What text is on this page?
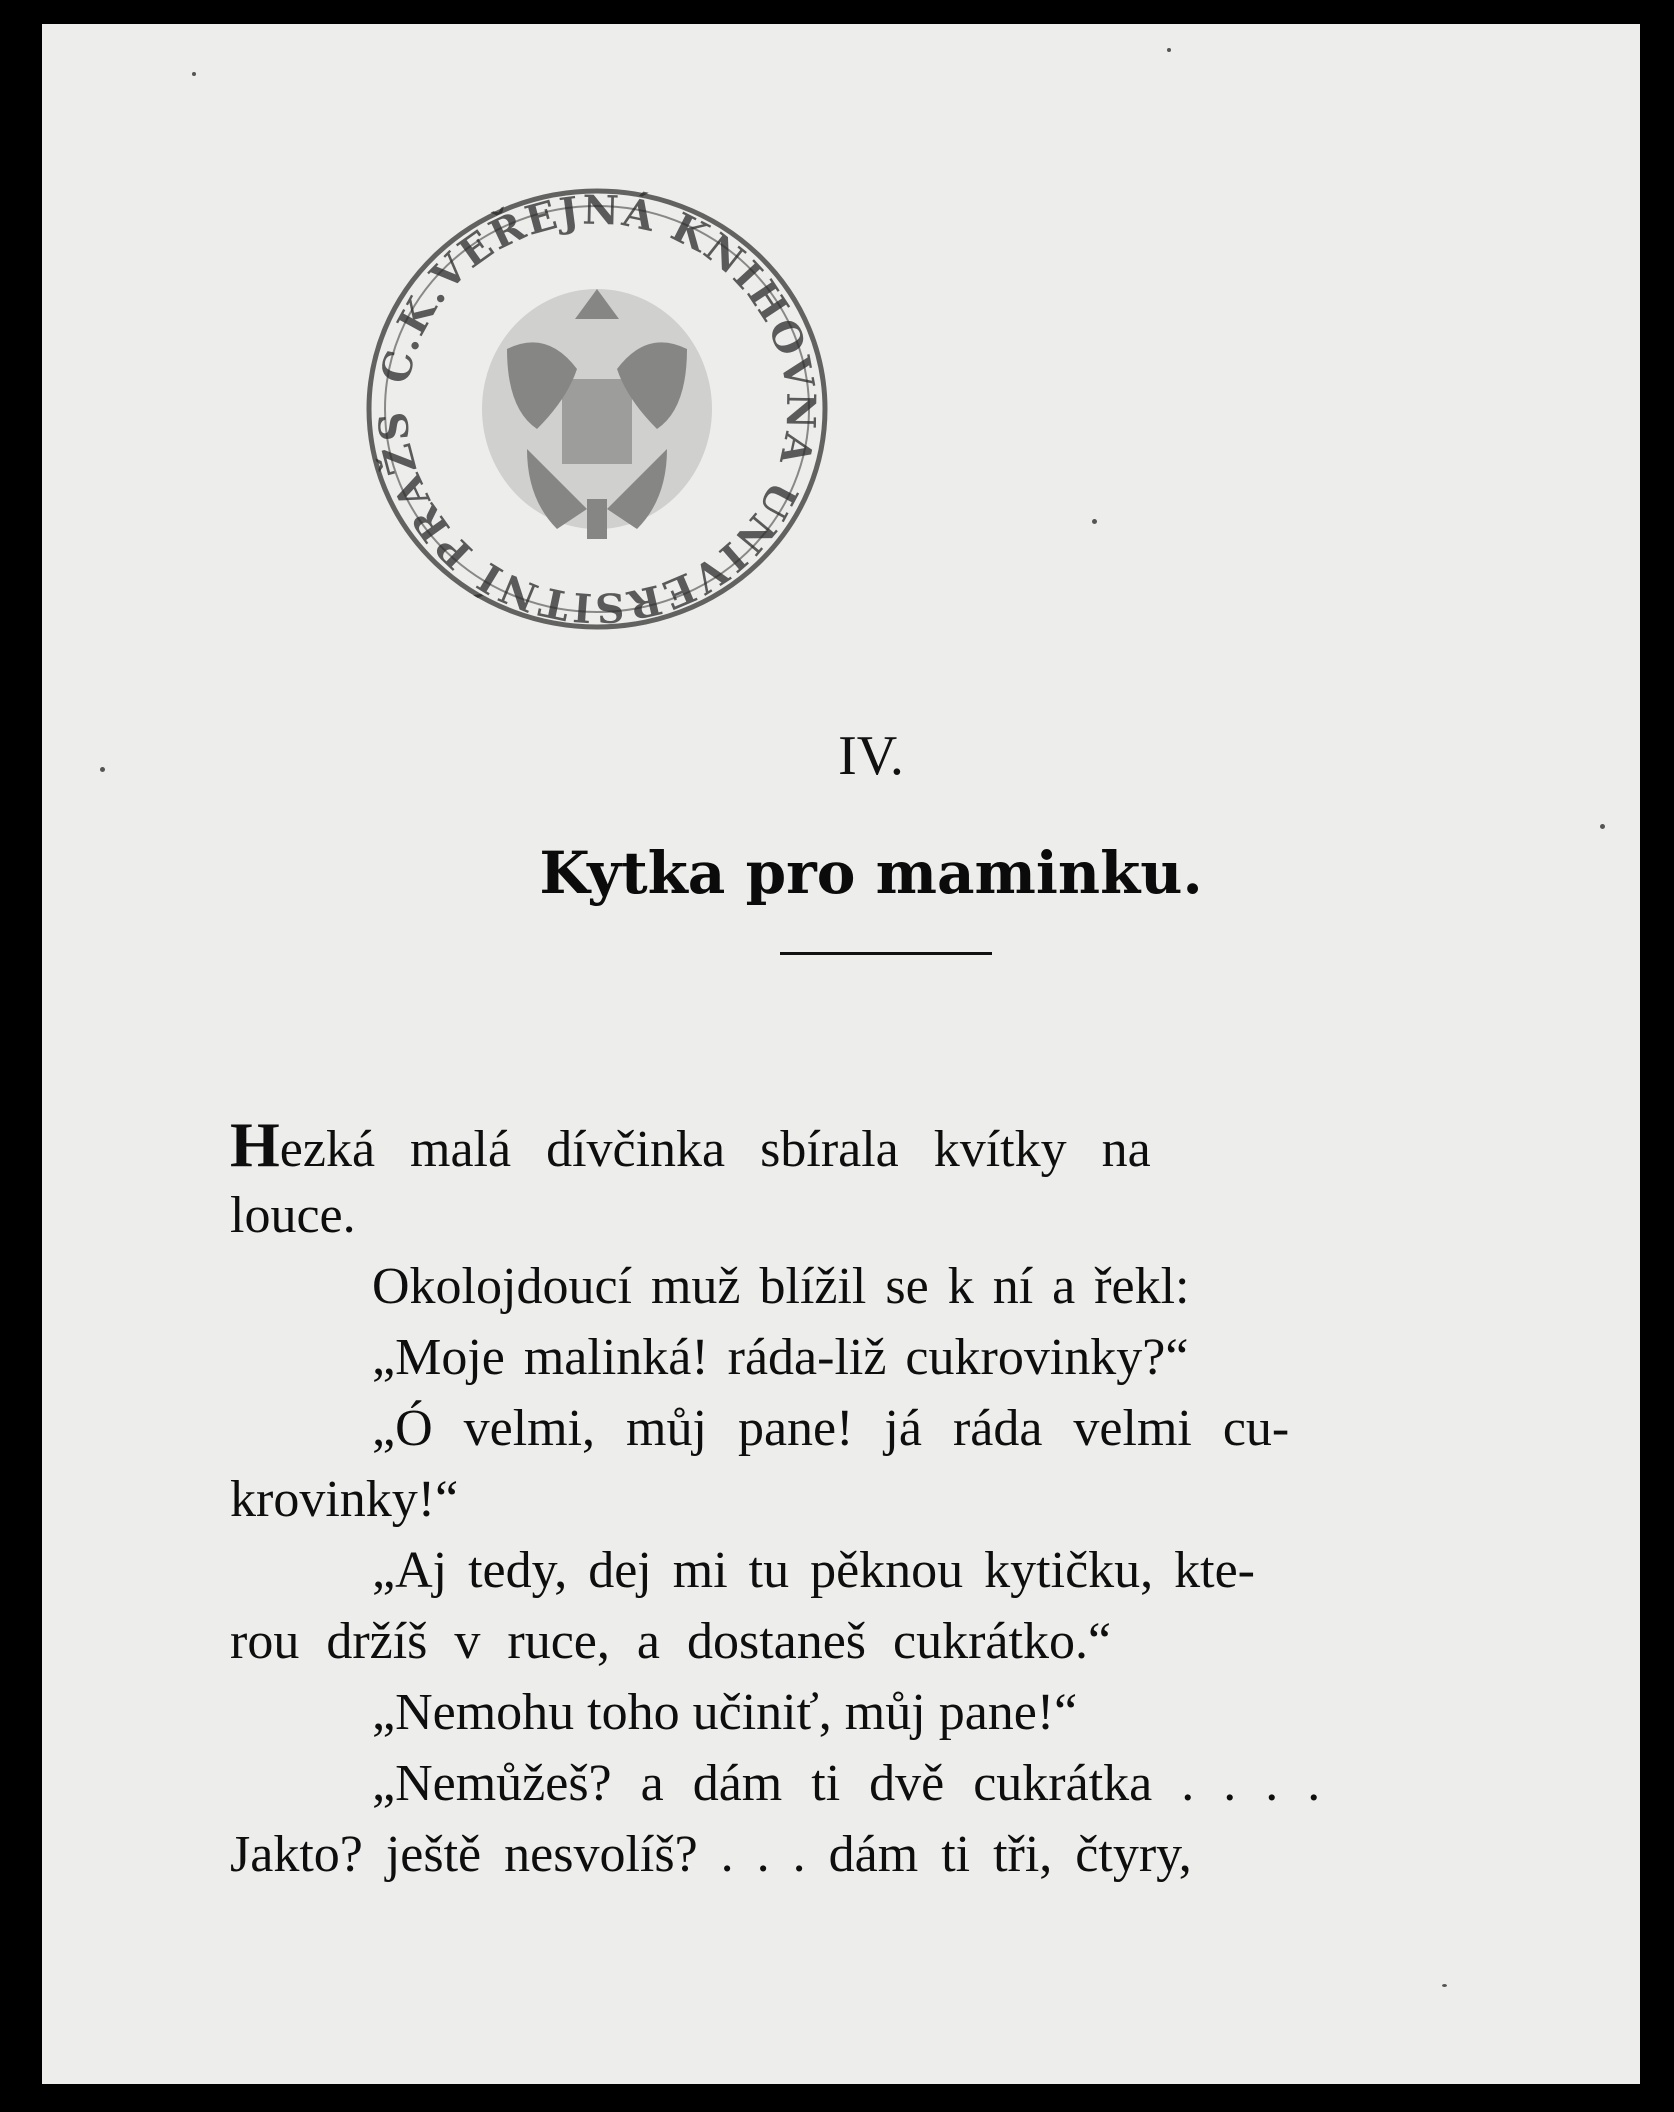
C.K.VEŘEJNÁ KNIHOVNA UNIVERSITNÍ PRAŽS
IV.
Kytka pro maminku.
Hezká malá dívčinka sbírala kvítky na
louce.
Okolojdoucí muž blížil se k ní a řekl:
„Moje malinká! ráda-liž cukrovinky?“
„Ó velmi, můj pane! já ráda velmi cu-
krovinky!“
„Aj tedy, dej mi tu pěknou kytičku, kte-
rou držíš v ruce, a dostaneš cukrátko.“
„Nemohu toho učiniť, můj pane!“
„Nemůžeš? a dám ti dvě cukrátka . . . .
Jakto? ještě nesvolíš? . . . dám ti tři, čtyry,
